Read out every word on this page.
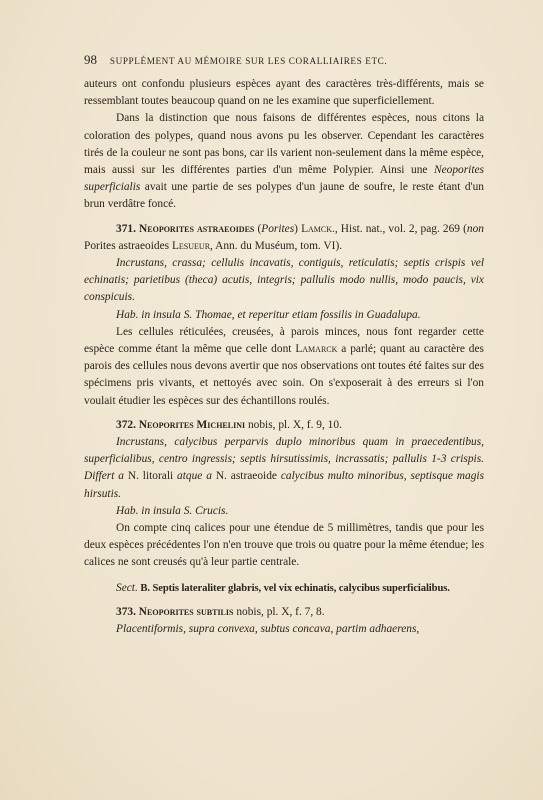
98 SUPPLÉMENT AU MÉMOIRE SUR LES CORALLIAIRES ETC.

auteurs ont confondu plusieurs espèces ayant des caractères très-différents, mais se ressemblant toutes beaucoup quand on ne les examine que superficiellement.

Dans la distinction que nous faisons de différentes espèces, nous citons la coloration des polypes, quand nous avons pu les observer. Cependant les caractères tirés de la couleur ne sont pas bons, car ils varient non-seulement dans la même espèce, mais aussi sur les différentes parties d'un même Polypier. Ainsi une Neoporites superficialis avait une partie de ses polypes d'un jaune de soufre, le reste étant d'un brun verdâtre foncé.

371. Neoporites astraeoides (Porites) Lamck., Hist. nat., vol. 2, pag. 269 (non Porites astraeoides Lesueur, Ann. du Muséum, tom. VI).

Incrustans, crassa; cellulis incavatis, contiguis, reticulatis; septis crispis vel echinatis; parietibus (theca) acutis, integris; pallulis modo nullis, modo paucis, vix conspicuis.

Hab. in insula S. Thomae, et reperitur etiam fossilis in Guadalupa.

Les cellules réticulées, creusées, à parois minces, nous font regarder cette espèce comme étant la même que celle dont Lamarck a parlé; quant au caractère des parois des cellules nous devons avertir que nos observations ont toutes été faites sur des spécimens pris vivants, et nettoyés avec soin. On s'exposerait à des erreurs si l'on voulait étudier les espèces sur des échantillons roulés.

372. Neoporites Michelini nobis, pl. X, f. 9, 10.

Incrustans, calycibus perparvis duplo minoribus quam in praecedentibus, superficialibus, centro ingressis; septis hirsutissimis, incrassatis; pallulis 1-3 crispis. Differt a N. litorali atque a N. astraeoide calycibus multo minoribus, septisque magis hirsutis.

Hab. in insula S. Crucis.

On compte cinq calices pour une étendue de 5 millimètres, tandis que pour les deux espèces précédentes l'on n'en trouve que trois ou quatre pour la même étendue; les calices ne sont creusés qu'à leur partie centrale.

Sect. B. Septis lateraliter glabris, vel vix echinatis, calycibus superficialibus.

373. Neoporites subtilis nobis, pl. X, f. 7, 8.

Placentiformis, supra convexa, subtus concava, partim adhaerens,
